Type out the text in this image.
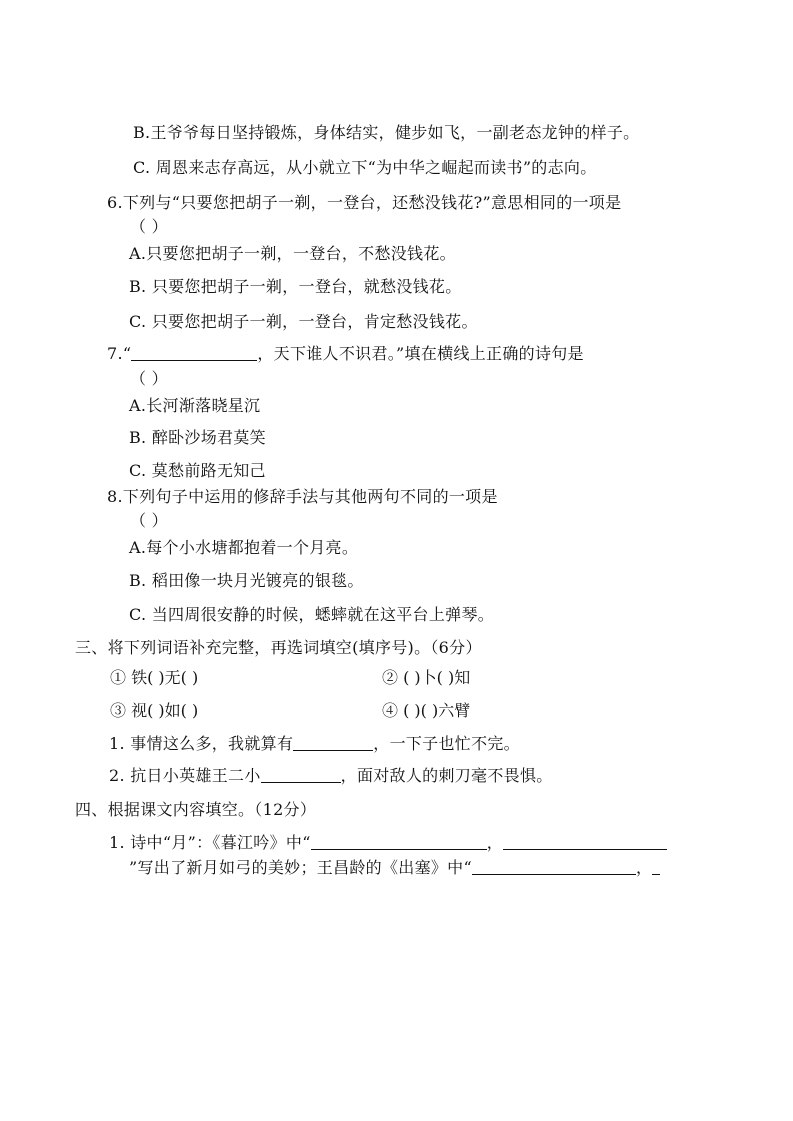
B.王爷爷每日坚持锻炼，身体结实，健步如飞，一副老态龙钟的样子。
C. 周恩来志存高远，从小就立下“为中华之崛起而读书”的志向。
6.下列与“只要您把胡子一剃，一登台，还愁没钱花?”意思相同的一项是
（ ）
A.只要您把胡子一剃，一登台，不愁没钱花。
B. 只要您把胡子一剃，一登台，就愁没钱花。
C. 只要您把胡子一剃，一登台，肯定愁没钱花。
7.“	，天下谁人不识君。”填在横线上正确的诗句是
（ ）
A.长河渐落晓星沉
B. 醉卧沙场君莫笑
C. 莫愁前路无知己
8.下列句子中运用的修辞手法与其他两句不同的一项是
（ ）
A.每个小水塘都抱着一个月亮。
B. 稻田像一块月光镀亮的银毯。
C. 当四周很安静的时候，蟋蟀就在这平台上弹琴。
三、将下列词语补充完整，再选词填空(填序号)。（6分）
① 铁( )无( )	② ( )卜( )知
③ 视( )如( )	④ ( )( )六臂
1. 事情这么多，我就算有	，一下子也忙不完。
2. 抗日小英雄王二小	，面对敌人的刺刀毫不畏惧。
四、根据课文内容填空。（12分）
1. 诗中“月”：《暮江吟》中“	，
”写出了新月如弓的美妙；王昌龄的《出塞》中“	，
